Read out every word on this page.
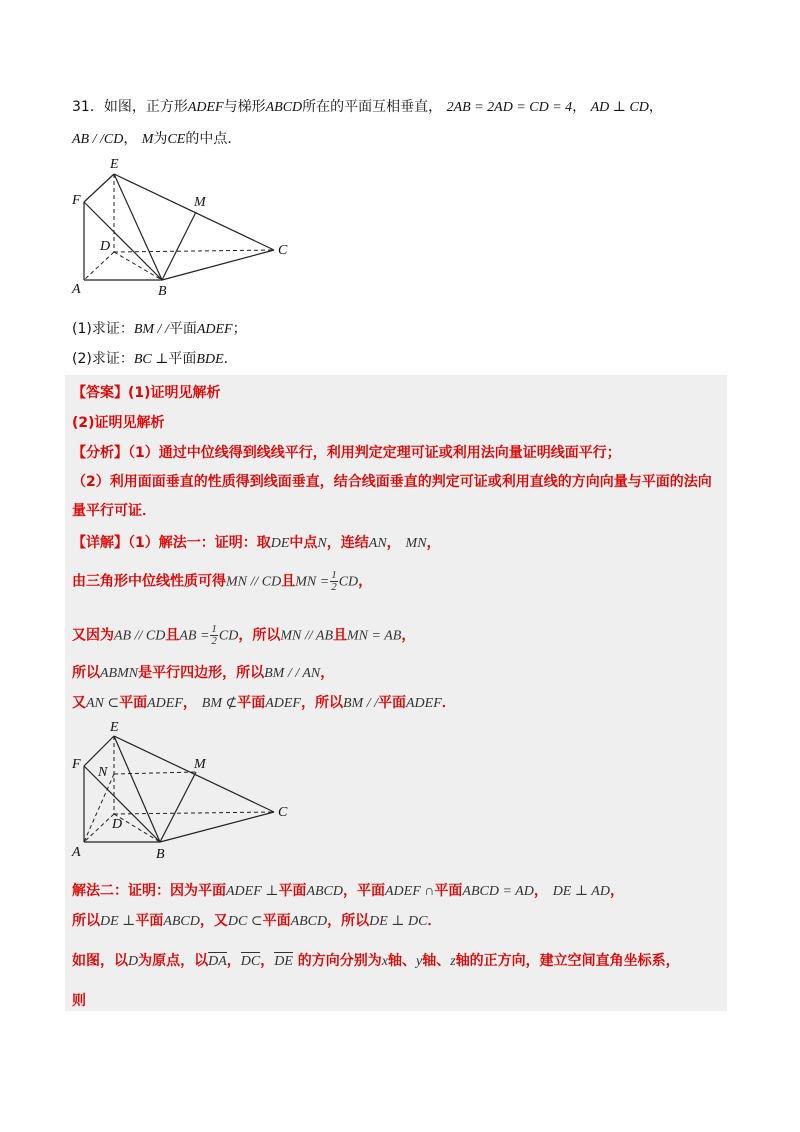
31．如图，正方形ADEF与梯形ABCD所在的平面互相垂直， 2AB = 2AD = CD = 4， AD ⊥ CD，
AB / /CD， M为CE的中点．
E
F	M
D	C
A	B
(1)求证：BM / /平面ADEF；
(2)求证：BC ⊥平面BDE．
【答案】(1)证明见解析
(2)证明见解析
【分析】（1）通过中位线得到线线平行，利用判定定理可证或利用法向量证明线面平行；
（2）利用面面垂直的性质得到线面垂直，结合线面垂直的判定可证或利用直线的方向向量与平面的法向
量平行可证．
【详解】（1）解法一：证明：取DE中点N，连结AN， MN，
由三角形中位线性质可得MN // CD且MN = $\frac{1}{2}$ CD，
又因为AB // CD且AB = $\frac{1}{2}$ CD，所以MN // AB且MN = AB，
所以ABMN是平行四边形，所以BM / / AN，
又AN ⊂平面ADEF， BM ⊄平面ADEF，所以BM / /平面ADEF．
E
F
N
M
D
C
A	B
解法二：证明：因为平面ADEF ⊥平面ABCD，平面ADEF ∩平面ABCD = AD， DE ⊥ AD，
所以DE ⊥平面ABCD，又DC ⊂平面ABCD，所以DE ⊥ DC．
如图，以D为原点，以DA，DC，DE 的方向分别为x轴、y轴、z轴的正方向，建立空间直角坐标系，
则
